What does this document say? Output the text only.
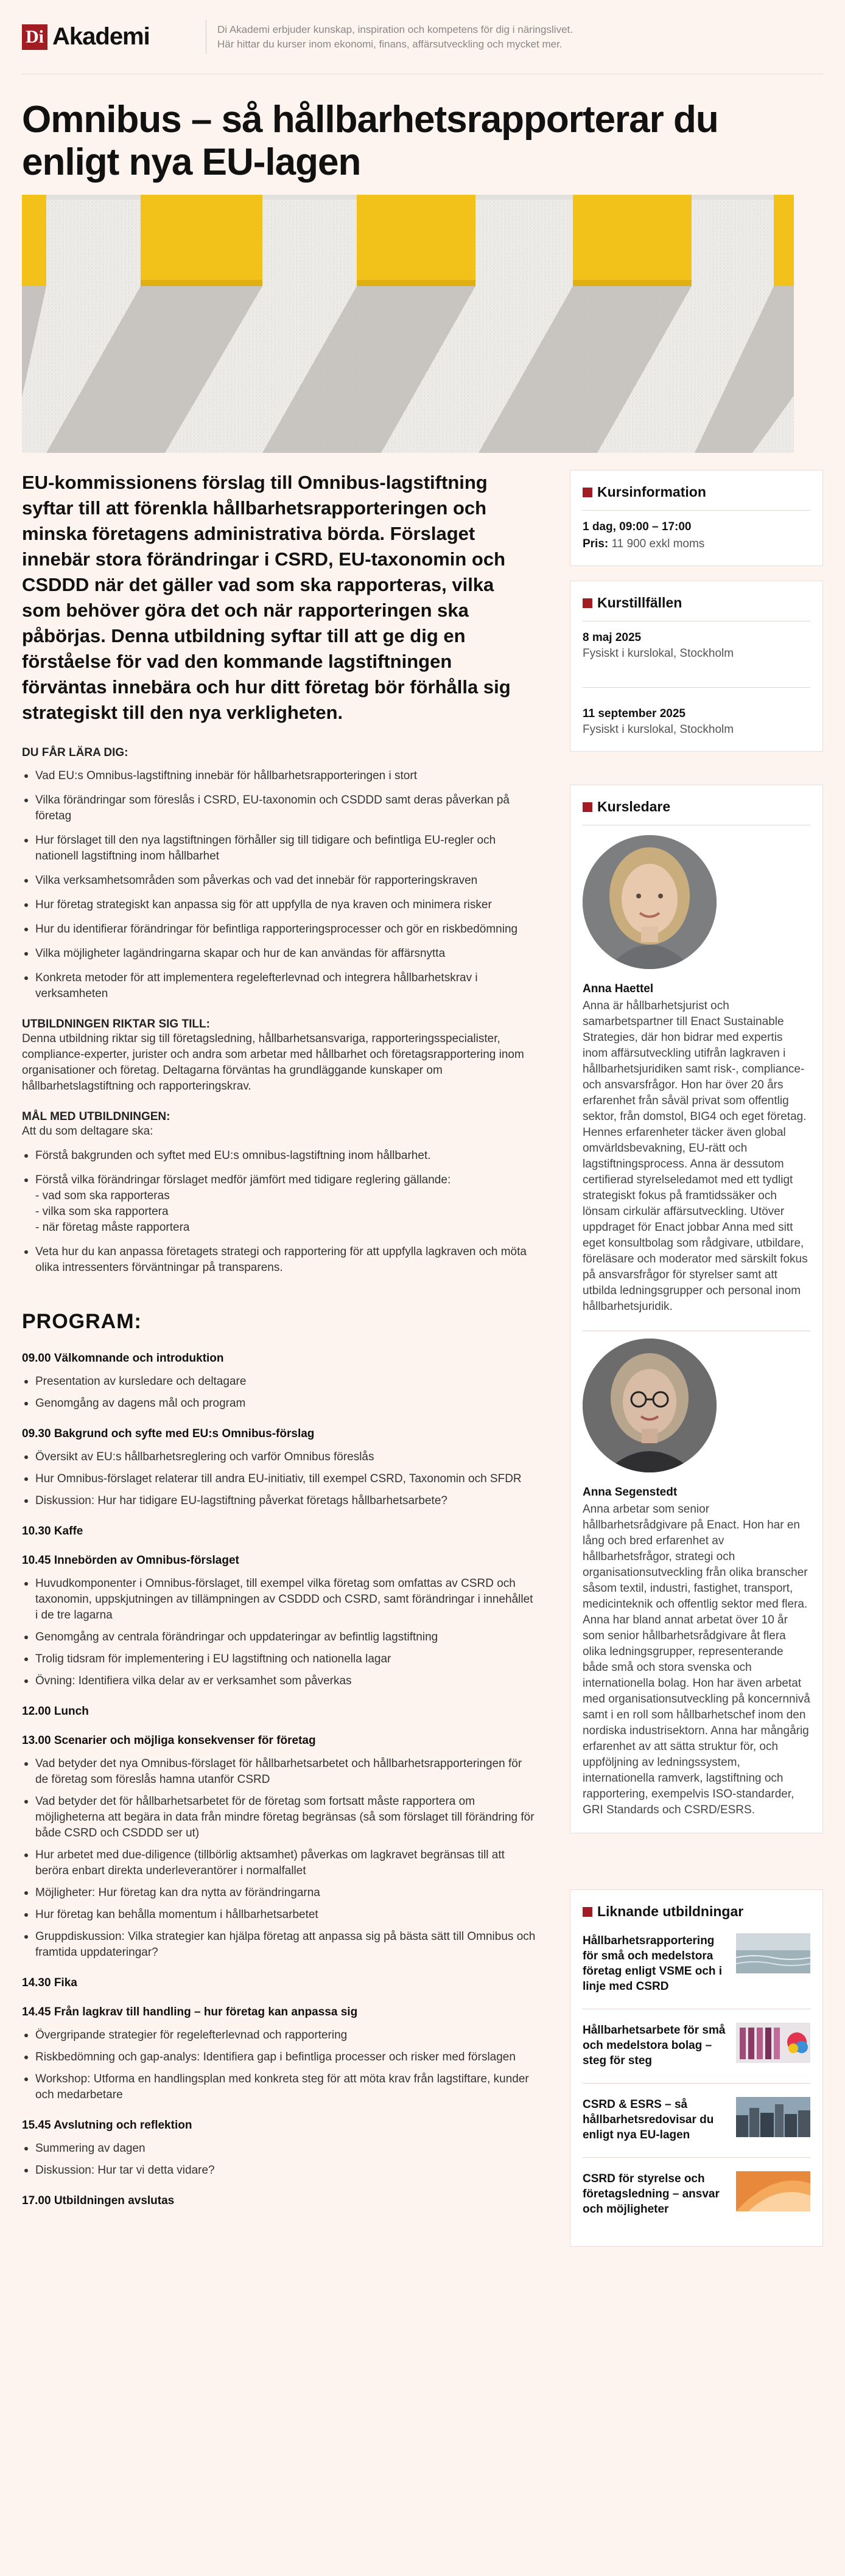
Di Akademi	Di Akademi erbjuder kunskap, inspiration och kompetens för dig i näringslivet.
Här hittar du kurser inom ekonomi, finans, affärsutveckling och mycket mer.
Omnibus – så hållbarhetsrapporterar du enligt nya EU-lagen

EU-kommissionens förslag till Omnibus-lagstiftning syftar till att förenkla hållbarhetsrapporteringen och minska företagens administrativa börda. Förslaget innebär stora förändringar i CSRD, EU-taxonomin och CSDDD när det gäller vad som ska rapporteras, vilka som behöver göra det och när rapporteringen ska påbörjas. Denna utbildning syftar till att ge dig en förståelse för vad den kommande lagstiftningen förväntas innebära och hur ditt företag bör förhålla sig strategiskt till den nya verkligheten.

DU FÅR LÄRA DIG:
Vad EU:s Omnibus-lagstiftning innebär för hållbarhetsrapporteringen i stort
Vilka förändringar som föreslås i CSRD, EU-taxonomin och CSDDD samt deras påverkan på företag
Hur förslaget till den nya lagstiftningen förhåller sig till tidigare och befintliga EU-regler och nationell lagstiftning inom hållbarhet
Vilka verksamhetsområden som påverkas och vad det innebär för rapporteringskraven
Hur företag strategiskt kan anpassa sig för att uppfylla de nya kraven och minimera risker
Hur du identifierar förändringar för befintliga rapporteringsprocesser och gör en riskbedömning
Vilka möjligheter lagändringarna skapar och hur de kan användas för affärsnytta
Konkreta metoder för att implementera regelefterlevnad och integrera hållbarhetskrav i verksamheten
UTBILDNINGEN RIKTAR SIG TILL:

Denna utbildning riktar sig till företagsledning, hållbarhetsansvariga, rapporteringsspecialister, compliance-experter, jurister och andra som arbetar med hållbarhet och företagsrapportering inom organisationer och företag. Deltagarna förväntas ha grundläggande kunskaper om hållbarhetslagstiftning och rapporteringskrav.

MÅL MED UTBILDNINGEN:

Att du som deltagare ska:

Förstå bakgrunden och syftet med EU:s omnibus-lagstiftning inom hållbarhet.
Förstå vilka förändringar förslaget medför jämfört med tidigare reglering gällande:
- vad som ska rapporteras
- vilka som ska rapportera
- när företag måste rapportera
Veta hur du kan anpassa företagets strategi och rapportering för att uppfylla lagkraven och möta olika intressenters förväntningar på transparens.
PROGRAM:
09.00 Välkomnande och introduktion
Presentation av kursledare och deltagare
Genomgång av dagens mål och program
09.30 Bakgrund och syfte med EU:s Omnibus-förslag
Översikt av EU:s hållbarhetsreglering och varför Omnibus föreslås
Hur Omnibus-förslaget relaterar till andra EU-initiativ, till exempel CSRD, Taxonomin och SFDR
Diskussion: Hur har tidigare EU-lagstiftning påverkat företags hållbarhetsarbete?
10.30 Kaffe
10.45 Innebörden av Omnibus-förslaget
Huvudkomponenter i Omnibus-förslaget, till exempel vilka företag som omfattas av CSRD och taxonomin, uppskjutningen av tillämpningen av CSDDD och CSRD, samt förändringar i innehållet i de tre lagarna
Genomgång av centrala förändringar och uppdateringar av befintlig lagstiftning
Trolig tidsram för implementering i EU lagstiftning och nationella lagar
Övning: Identifiera vilka delar av er verksamhet som påverkas
12.00 Lunch
13.00 Scenarier och möjliga konsekvenser för företag
Vad betyder det nya Omnibus-förslaget för hållbarhetsarbetet och hållbarhetsrapporteringen för de företag som föreslås hamna utanför CSRD
Vad betyder det för hållbarhetsarbetet för de företag som fortsatt måste rapportera om möjligheterna att begära in data från mindre företag begränsas (så som förslaget till förändring för både CSRD och CSDDD ser ut)
Hur arbetet med due-diligence (tillbörlig aktsamhet) påverkas om lagkravet begränsas till att beröra enbart direkta underleverantörer i normalfallet
Möjligheter: Hur företag kan dra nytta av förändringarna
Hur företag kan behålla momentum i hållbarhetsarbetet
Gruppdiskussion: Vilka strategier kan hjälpa företag att anpassa sig på bästa sätt till Omnibus och framtida uppdateringar?
14.30 Fika
14.45 Från lagkrav till handling – hur företag kan anpassa sig
Övergripande strategier för regelefterlevnad och rapportering
Riskbedömning och gap-analys: Identifiera gap i befintliga processer och risker med förslagen
Workshop: Utforma en handlingsplan med konkreta steg för att möta krav från lagstiftare, kunder och medarbetare
15.45 Avslutning och reflektion
Summering av dagen
Diskussion: Hur tar vi detta vidare?
17.00 Utbildningen avslutas
Kursinformation
1 dag, 09:00 – 17:00
Pris: 11 900 exkl moms
Kurstillfällen
8 maj 2025
Fysiskt i kurslokal, Stockholm
11 september 2025
Fysiskt i kurslokal, Stockholm
Kursledare
Anna Haettel

Anna är hållbarhetsjurist och samarbetspartner till Enact Sustainable Strategies, där hon bidrar med expertis inom affärsutveckling utifrån lagkraven i hållbarhetsjuridiken samt risk-, compliance- och ansvarsfrågor. Hon har över 20 års erfarenhet från såväl privat som offentlig sektor, från domstol, BIG4 och eget företag. Hennes erfarenheter täcker även global omvärldsbevakning, EU-rätt och lagstiftningsprocess. Anna är dessutom certifierad styrelseledamot med ett tydligt strategiskt fokus på framtidssäker och lönsam cirkulär affärsutveckling. Utöver uppdraget för Enact jobbar Anna med sitt eget konsultbolag som rådgivare, utbildare, föreläsare och moderator med särskilt fokus på ansvarsfrågor för styrelser samt att utbilda ledningsgrupper och personal inom hållbarhetsjuridik.

Anna Segenstedt

Anna arbetar som senior hållbarhetsrådgivare på Enact. Hon har en lång och bred erfarenhet av hållbarhetsfrågor, strategi och organisationsutveckling från olika branscher såsom textil, industri, fastighet, transport, medicinteknik och offentlig sektor med flera. Anna har bland annat arbetat över 10 år som senior hållbarhetsrådgivare åt flera olika ledningsgrupper, representerande både små och stora svenska och internationella bolag. Hon har även arbetat med organisationsutveckling på koncernnivå samt i en roll som hållbarhetschef inom den nordiska industrisektorn. Anna har mångårig erfarenhet av att sätta struktur för, och uppföljning av ledningssystem, internationella ramverk, lagstiftning och rapportering, exempelvis ISO-standarder, GRI Standards och CSRD/ESRS.

Liknande utbildningar
Hållbarhetsrapportering för små och medelstora företag enligt VSME och i linje med CSRD
Hållbarhetsarbete för små och medelstora bolag – steg för steg
CSRD & ESRS – så hållbarhetsredovisar du enligt nya EU-lagen
CSRD för styrelse och företagsledning – ansvar och möjligheter
